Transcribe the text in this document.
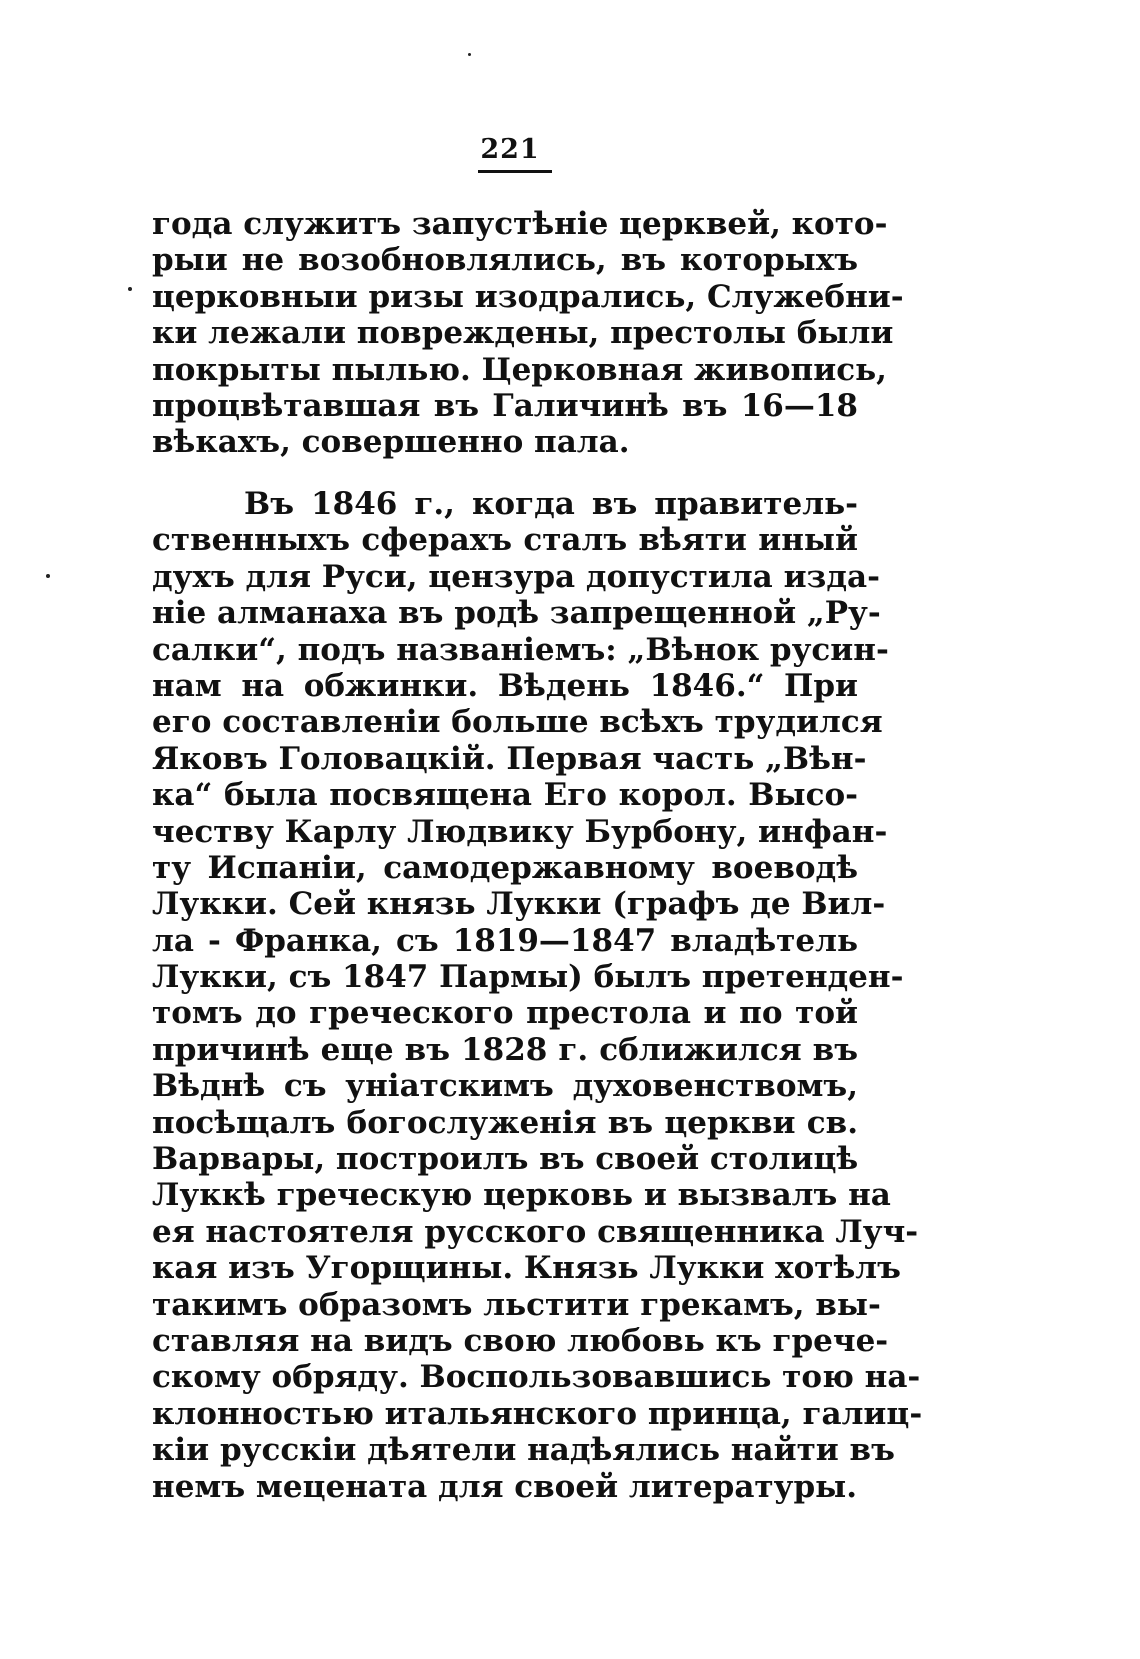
221
года служитъ запустѣніе церквей, кото-
рыи не возобновлялись, въ которыхъ
церковныи ризы изодрались, Служебни-
ки лежали повреждены, престолы были
покрыты пылью. Церковная живопись,
процвѣтавшая въ Галичинѣ въ 16—18
вѣкахъ, совершенно пала.
Въ 1846 г., когда въ правитель-
ственныхъ сферахъ сталъ вѣяти иный
духъ для Руси, цензура допустила изда-
ніе алманаха въ родѣ запрещенной „Ру-
салки“, подъ названіемъ: „Вѣнок русин-
нам на обжинки. Вѣдень 1846.“ При
его составленіи больше всѣхъ трудился
Яковъ Головацкій. Первая часть „Вѣн-
ка“ была посвящена Его корол. Высо-
честву Карлу Людвику Бурбону, инфан-
ту Испаніи, самодержавному воеводѣ
Лукки. Сей князь Лукки (графъ де Вил-
ла - Франка, съ 1819—1847 владѣтель
Лукки, съ 1847 Пармы) былъ претенден-
томъ до греческого престола и по той
причинѣ еще въ 1828 г. сближился въ
Вѣднѣ съ уніатскимъ духовенствомъ,
посѣщалъ богослуженія въ церкви св.
Варвары, построилъ въ своей столицѣ
Луккѣ греческую церковь и вызвалъ на
ея настоятеля русского священника Луч-
кая изъ Угорщины. Князь Лукки хотѣлъ
такимъ образомъ льстити грекамъ, вы-
ставляя на видъ свою любовь къ грече-
скому обряду. Воспользовавшись тою на-
клонностью итальянского принца, галиц-
кіи русскіи дѣятели надѣялись найти въ
немъ мецената для своей литературы.
